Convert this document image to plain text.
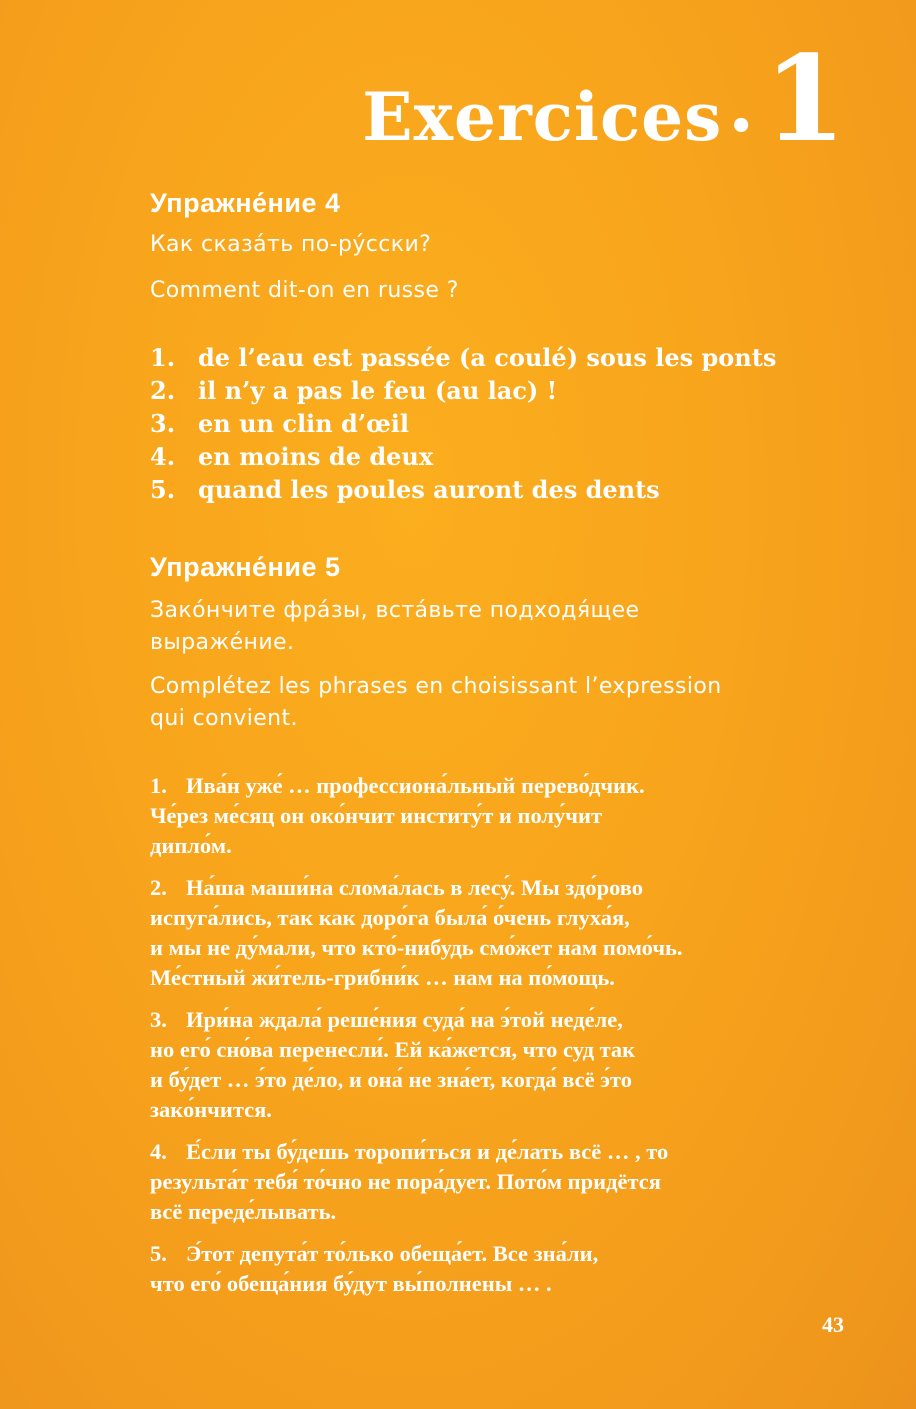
Exercices • 1
Упражне́ние 4

Как сказа́ть по-ру́сски?

Comment dit-on en russe ?

1. de l’eau est passée (a coulé) sous les ponts
2. il n’y a pas le feu (au lac) !
3. en un clin d’œil
4. en moins de deux
5. quand les poules auront des dents
Упражне́ние 5

Зако́нчите фра́зы, вста́вьте подходя́щее

выраже́ние.

Complétez les phrases en choisissant l’expression

qui convient.

1. Ива́н уже́ … профессиона́льный перево́дчик.
Че́рез ме́сяц он око́нчит институ́т и полу́чит
дипло́м.
2. На́ша маши́на слома́лась в лесу́. Мы здо́рово
испуга́лись, так как доро́га была́ о́чень глуха́я,
и мы не ду́мали, что кто́-нибудь смо́жет нам помо́чь.
Ме́стный жи́тель-грибни́к … нам на по́мощь.
3. Ири́на ждала́ реше́ния суда́ на э́той неде́ле,
но его́ сно́ва перенесли́. Ей ка́жется, что суд так
и бу́дет … э́то де́ло, и она́ не зна́ет, когда́ всё э́то
зако́нчится.
4. Е́сли ты бу́дешь торопи́ться и де́лать всё … , то
результа́т тебя́ то́чно не пора́дует. Пото́м придётся
всё переде́лывать.
5. Э́тот депута́т то́лько обеща́ет. Все зна́ли,
что его́ обеща́ния бу́дут вы́полнены … .
43
